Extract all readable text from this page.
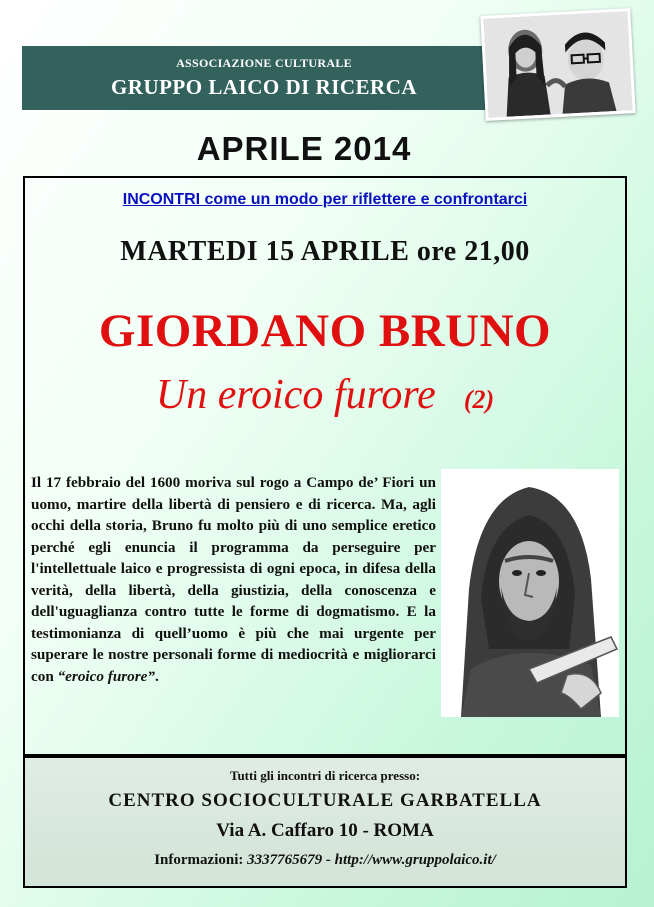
ASSOCIAZIONE CULTURALE
GRUPPO LAICO DI RICERCA
APRILE 2014
INCONTRI come un modo per riflettere e confrontarci
MARTEDI 15 APRILE ore 21,00
GIORDANO BRUNO
Un eroico furore (2)
Il 17 febbraio del 1600 moriva sul rogo a Campo de’ Fiori un uomo, martire della libertà di pensiero e di ricerca. Ma, agli occhi della storia, Bruno fu molto più di uno semplice eretico perché egli enuncia il programma da perseguire per l'intellettuale laico e progressista di ogni epoca, in difesa della verità, della libertà, della giustizia, della conoscenza e dell'uguaglianza contro tutte le forme di dogmatismo. E la testimonianza di quell’uomo è più che mai urgente per superare le nostre personali forme di mediocrità e migliorarci con “eroico furore”.
Tutti gli incontri di ricerca presso:
CENTRO SOCIOCULTURALE GARBATELLA
Via A. Caffaro 10 - ROMA
Informazioni: 3337765679 - http://www.gruppolaico.it/
